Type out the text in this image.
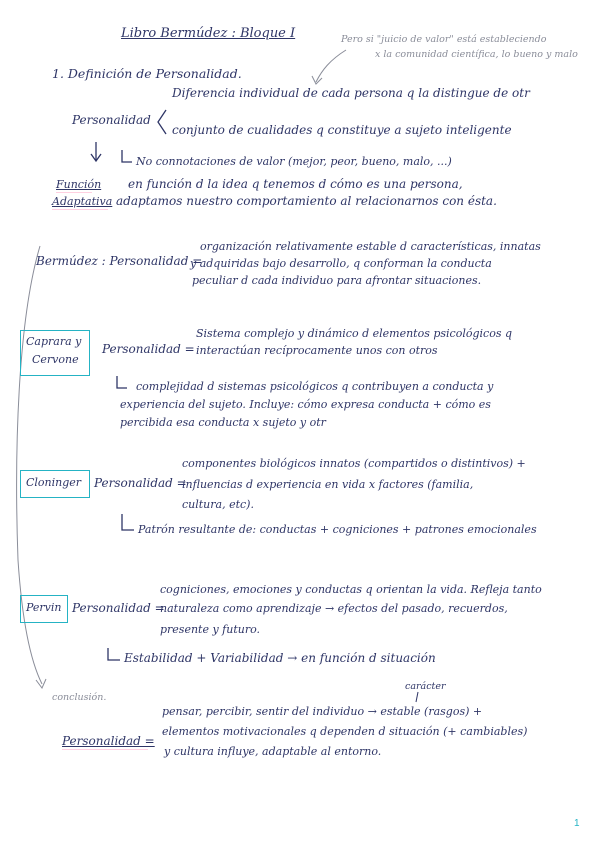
Libro Bermúdez : Bloque I	Pero si "juicio de valor" está estableciendo
x la comunidad científica, lo bueno y malo
1. Definición de Personalidad.
Personalidad
Diferencia individual de cada persona q la distingue de otr
conjunto de cualidades q constituye a sujeto inteligente
No connotaciones de valor (mejor, peor, bueno, malo, ...)
Función
Adaptativa
en función d la idea q tenemos d cómo es una persona,
adaptamos nuestro comportamiento al relacionarnos con ésta.
Bermúdez : Personalidad =
organización relativamente estable d características, innatas
y adquiridas bajo desarrollo, q conforman la conducta
peculiar d cada individuo para afrontar situaciones.
Caprara y
Cervone
Personalidad =
Sistema complejo y dinámico d elementos psicológicos q
interactúan recíprocamente unos con otros
complejidad d sistemas psicológicos q contribuyen a conducta y
experiencia del sujeto. Incluye: cómo expresa conducta + cómo es
percibida esa conducta x sujeto y otr
Cloninger Personalidad =
componentes biológicos innatos (compartidos o distintivos) +
influencias d experiencia en vida x factores (familia,
cultura, etc).
Patrón resultante de: conductas + cogniciones + patrones emocionales
Pervin Personalidad =
cogniciones, emociones y conductas q orientan la vida. Refleja tanto
naturaleza como aprendizaje → efectos del pasado, recuerdos,
presente y futuro.
Estabilidad + Variabilidad → en función d situación
conclusión.
carácter
pensar, percibir, sentir del individuo → estable (rasgos) +
Personalidad =
elementos motivacionales q dependen d situación (+ cambiables)
y cultura influye, adaptable al entorno.
1
